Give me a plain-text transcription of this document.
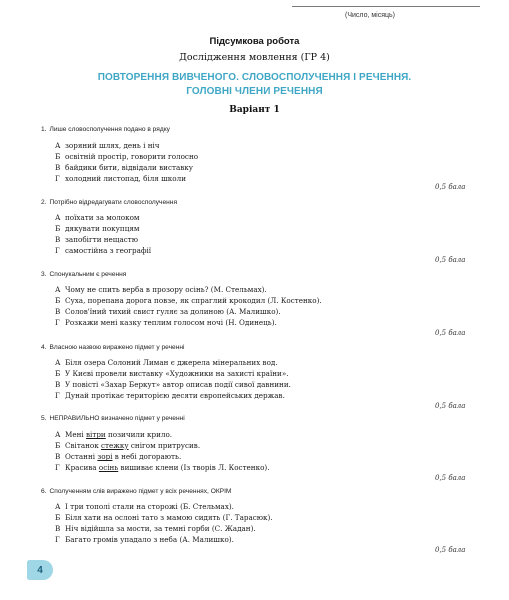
(Число, місяць)
Підсумкова робота
Дослідження мовлення (ГР 4)
ПОВТОРЕННЯ ВИВЧЕНОГО. СЛОВОСПОЛУЧЕННЯ І РЕЧЕННЯ.
ГОЛОВНІ ЧЛЕНИ РЕЧЕННЯ
Варіант 1
1. Лише словосполучення подано в рядку
А зоряний шлях, день і ніч
Б освітній простір, говорити голосно
В байдики бити, відвідали виставку
Г холодний листопад, біля школи
0,5 бала
2. Потрібно відредагувати словосполучення
А поїхати за молоком
Б дякувати покупцям
В запобігти нещастю
Г самостійна з географії
0,5 бала
3. Спонукальним є речення
А Чому не спить верба в прозору осінь? (М. Стельмах).
Б Суха, порепана дорога повзе, як спраглий крокодил (Л. Костенко).
В Солов'їний тихий свист гуляє за долиною (А. Малишко).
Г Розкажи мені казку теплим голосом ночі (Н. Одинець).
0,5 бала
4. Власною назвою виражено підмет у реченні
А Біля озера Солоний Лиман є джерела мінеральних вод.
Б У Києві провели виставку «Художники на захисті країни».
В У повісті «Захар Беркут» автор описав події сивої давнини.
Г Дунай протікає територією десяти європейських держав.
0,5 бала
5. НЕПРАВИЛЬНО визначено підмет у реченні
А Мені вітри позичили крило.
Б Світанок стежку снігом притрусив.
В Останні зорі в небі догорають.
Г Красива осінь вишиває клени (Із творів Л. Костенко).
0,5 бала
6. Сполученням слів виражено підмет у всіх реченнях, ОКРІМ
А І три тополі стали на сторожі (Б. Стельмах).
Б Біля хати на ослоні тато з мамою сидять (Г. Тарасюк).
В Ніч відійшла за мости, за темні горби (С. Жадан).
Г Багато громів упадало з неба (А. Малишко).
0,5 бала
4
